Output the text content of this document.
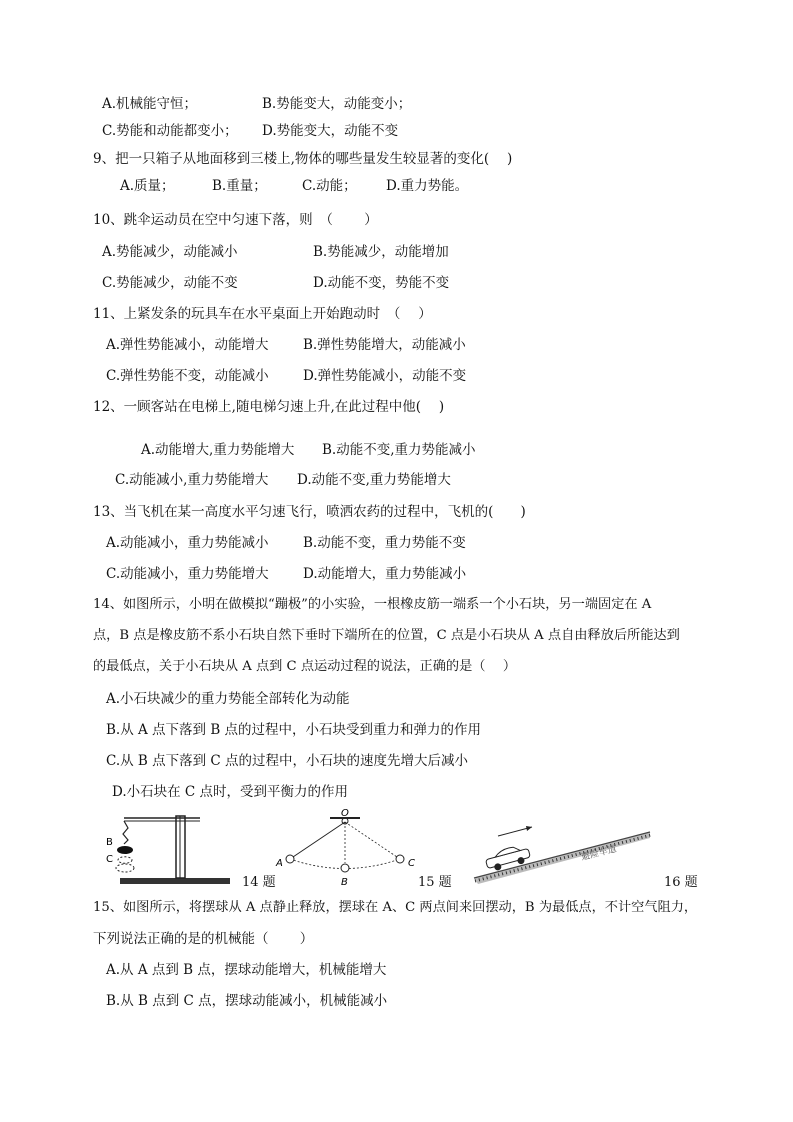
A.机械能守恒；	B.势能变大，动能变小；
C.势能和动能都变小； D.势能变大，动能不变
9、把一只箱子从地面移到三楼上,物体的哪些量发生较显著的变化(　 )
A.质量；	B.重量；	C.动能； D.重力势能。
10、跳伞运动员在空中匀速下落，则　（　　 ）
A.势能减少，动能减小	B.势能减少，动能增加
C.势能减少，动能不变	D.动能不变，势能不变
11、上紧发条的玩具车在水平桌面上开始跑动时　（　 ）
A.弹性势能减小，动能增大	B.弹性势能增大，动能减小
C.弹性势能不变，动能减小	D.弹性势能减小，动能不变
12、一顾客站在电梯上,随电梯匀速上升,在此过程中他(　 )
A.动能增大,重力势能增大 B.动能不变,重力势能减小
C.动能减小,重力势能增大 D.动能不变,重力势能增大
13、当飞机在某一高度水平匀速飞行，喷洒农药的过程中，飞机的(　　)
A.动能减小，重力势能减小	B.动能不变，重力势能不变
C.动能减小，重力势能增大	D.动能增大，重力势能减小
14、如图所示，小明在做模拟“蹦极”的小实验，一根橡皮筋一端系一个小石块，另一端固定在 A
点，B 点是橡皮筋不系小石块自然下垂时下端所在的位置，C 点是小石块从 A 点自由释放后所能达到
的最低点，关于小石块从 A 点到 C 点运动过程的说法，正确的是（　 ）
A.小石块减少的重力势能全部转化为动能
B.从 A 点下落到 B 点的过程中，小石块受到重力和弹力的作用
C.从 B 点下落到 C 点的过程中，小石块的速度先增大后减小
D.小石块在 C 点时，受到平衡力的作用
B
C
14 题
O
A
B
C
15 题
避险车道
16 题
15、如图所示，将摆球从 A 点静止释放，摆球在 A、C 两点间来回摆动，B 为最低点，不计空气阻力，
下列说法正确的是的机械能（　　 ）
A.从 A 点到 B 点，摆球动能增大，机械能增大
B.从 B 点到 C 点，摆球动能减小，机械能减小
